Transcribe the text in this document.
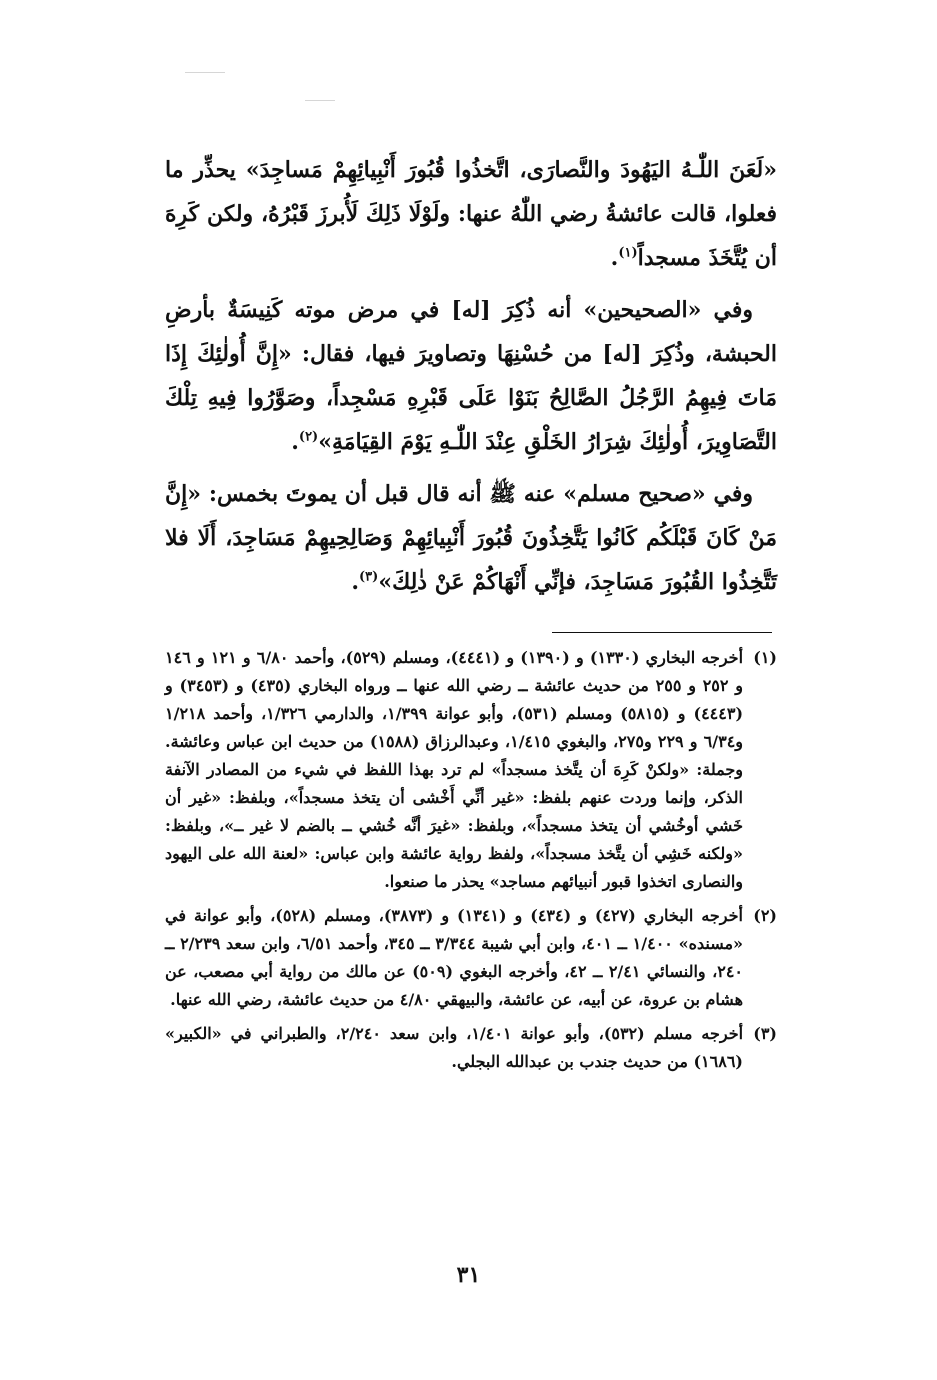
«لَعَنَ اللّٰـهُ اليَهُودَ والنَّصارَى، اتَّخذُوا قُبُورَ أَنْبِيائِهِمْ مَساجِدَ» يحذِّر ما فعلوا، قالت عائشةُ رضي اللّٰهُ عنها: ولَوْلَا ذَلِكَ لَأُبرزَ قَبْرُهُ، ولكن كَرِهَ أن يُتَّخَذَ مسجداً$^{(١)}$.

وفي «الصحيحين» أنه ذُكِرَ [له] في مرض موته كَنِيسَةٌ بأرضِ الحبشة، وذُكِرَ [له] من حُسْنِهَا وتصاويرَ فيها، فقال: «إِنَّ أُولٰئِكَ إِذَا مَاتَ فِيهِمُ الرَّجُلُ الصَّالِحُ بَنَوْا عَلَى قَبْرِهِ مَسْجِداً، وصَوَّرُوا فِيهِ تِلْكَ التَّصَاوِيرَ، أُولٰئِكَ شِرَارُ الخَلْقِ عِنْدَ اللّٰـهِ يَوْمَ القِيَامَةِ»$^{(٢)}$.

وفي «صحيح مسلم» عنه ﷺ أنه قال قبل أن يموتَ بخمس: «إِنَّ مَنْ كَانَ قَبْلَكُم كَانُوا يَتَّخِذُونَ قُبُورَ أَنْبِيائِهِمْ وَصَالِحِيهِمْ مَسَاجِدَ، أَلَا فلا تَتَّخِذُوا القُبُورَ مَسَاجِدَ، فإنِّي أَنْهَاكُمْ عَنْ ذٰلِكَ»$^{(٣)}$.

(١)
أخرجه البخاري (١٣٣٠) و (١٣٩٠) و (٤٤٤١)، ومسلم (٥٢٩)، وأحمد ٦/٨٠ و ١٢١ و ١٤٦ و ٢٥٢ و ٢٥٥ من حديث عائشة ــ رضي الله عنها ــ ورواه البخاري (٤٣٥) و (٣٤٥٣) و (٤٤٤٣) و (٥٨١٥) ومسلم (٥٣١)، وأبو عوانة ١/٣٩٩، والدارمي ١/٣٢٦، وأحمد ١/٢١٨ و٦/٣٤ و ٢٢٩ و٢٧٥، والبغوي ١/٤١٥، وعبدالرزاق (١٥٨٨) من حديث ابن عباس وعائشة. وجملة: «ولكنْ كَرِهَ أن يتَّخذ مسجداً» لم ترد بهذا اللفظ في شيء من المصادر الآنفة الذكر، وإنما وردت عنهم بلفظ: «غير أنِّي أَخْشى أن يتخذ مسجداً»، وبلفظ: «غير أن خَشي أوخُشي أن يتخذ مسجداً»، وبلفظ: «غيرَ أنَّه خُشي ــ بالضم لا غير ــ»، وبلفظ: «ولكنه خَشِي أن يتَّخذ مسجداً»، ولفظ رواية عائشة وابن عباس: «لعنة الله على اليهود والنصارى اتخذوا قبور أنبيائهم مساجد» يحذر ما صنعوا.
(٢)
أخرجه البخاري (٤٢٧) و (٤٣٤) و (١٣٤١) و (٣٨٧٣)، ومسلم (٥٢٨)، وأبو عوانة في «مسنده» ١/٤٠٠ ــ ٤٠١، وابن أبي شيبة ٣/٣٤٤ ــ ٣٤٥، وأحمد ٦/٥١، وابن سعد ٢/٢٣٩ ــ ٢٤٠، والنسائي ٢/٤١ ــ ٤٢، وأخرجه البغوي (٥٠٩) عن مالك من رواية أبي مصعب، عن هشام بن عروة، عن أبيه، عن عائشة، والبيهقي ٤/٨٠ من حديث عائشة، رضي الله عنها.
(٣)
أخرجه مسلم (٥٣٢)، وأبو عوانة ١/٤٠١، وابن سعد ٢/٢٤٠، والطبراني في «الكبير» (١٦٨٦) من حديث جندب بن عبدالله البجلي.
٣١
